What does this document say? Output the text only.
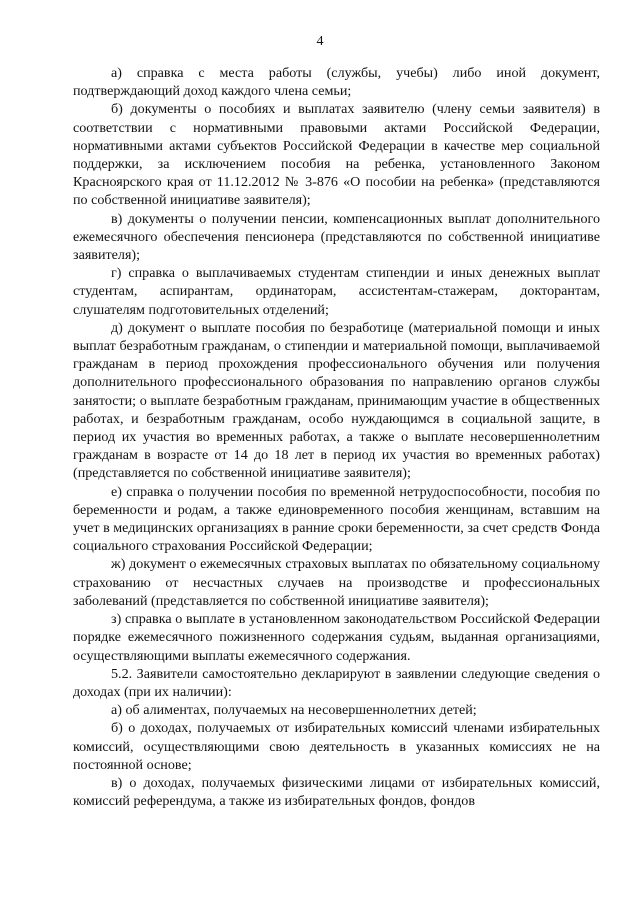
4

а) справка с места работы (службы, учебы) либо иной документ, подтверждающий доход каждого члена семьи;

б) документы о пособиях и выплатах заявителю (члену семьи заявителя) в соответствии с нормативными правовыми актами Российской Федерации, нормативными актами субъектов Российской Федерации в качестве мер социальной поддержки, за исключением пособия на ребенка, установленного Законом Красноярского края от 11.12.2012 № 3-876 «О пособии на ребенка» (представляются по собственной инициативе заявителя);

в) документы о получении пенсии, компенсационных выплат дополнительного ежемесячного обеспечения пенсионера (представляются по собственной инициативе заявителя);

г) справка о выплачиваемых студентам стипендии и иных денежных выплат студентам, аспирантам, ординаторам, ассистентам-стажерам, докторантам, слушателям подготовительных отделений;

д) документ о выплате пособия по безработице (материальной помощи и иных выплат безработным гражданам, о стипендии и материальной помощи, выплачиваемой гражданам в период прохождения профессионального обучения или получения дополнительного профессионального образования по направлению органов службы занятости; о выплате безработным гражданам, принимающим участие в общественных работах, и безработным гражданам, особо нуждающимся в социальной защите, в период их участия во временных работах, а также о выплате несовершеннолетним гражданам в возрасте от 14 до 18 лет в период их участия во временных работах) (представляется по собственной инициативе заявителя);

е) справка о получении пособия по временной нетрудоспособности, пособия по беременности и родам, а также единовременного пособия женщинам, вставшим на учет в медицинских организациях в ранние сроки беременности, за счет средств Фонда социального страхования Российской Федерации;

ж) документ о ежемесячных страховых выплатах по обязательному социальному страхованию от несчастных случаев на производстве и профессиональных заболеваний (представляется по собственной инициативе заявителя);

з) справка о выплате в установленном законодательством Российской Федерации порядке ежемесячного пожизненного содержания судьям, выданная организациями, осуществляющими выплаты ежемесячного содержания.

5.2. Заявители самостоятельно декларируют в заявлении следующие сведения о доходах (при их наличии):

а) об алиментах, получаемых на несовершеннолетних детей;

б) о доходах, получаемых от избирательных комиссий членами избирательных комиссий, осуществляющими свою деятельность в указанных комиссиях не на постоянной основе;

в) о доходах, получаемых физическими лицами от избирательных комиссий, комиссий референдума, а также из избирательных фондов, фондов
